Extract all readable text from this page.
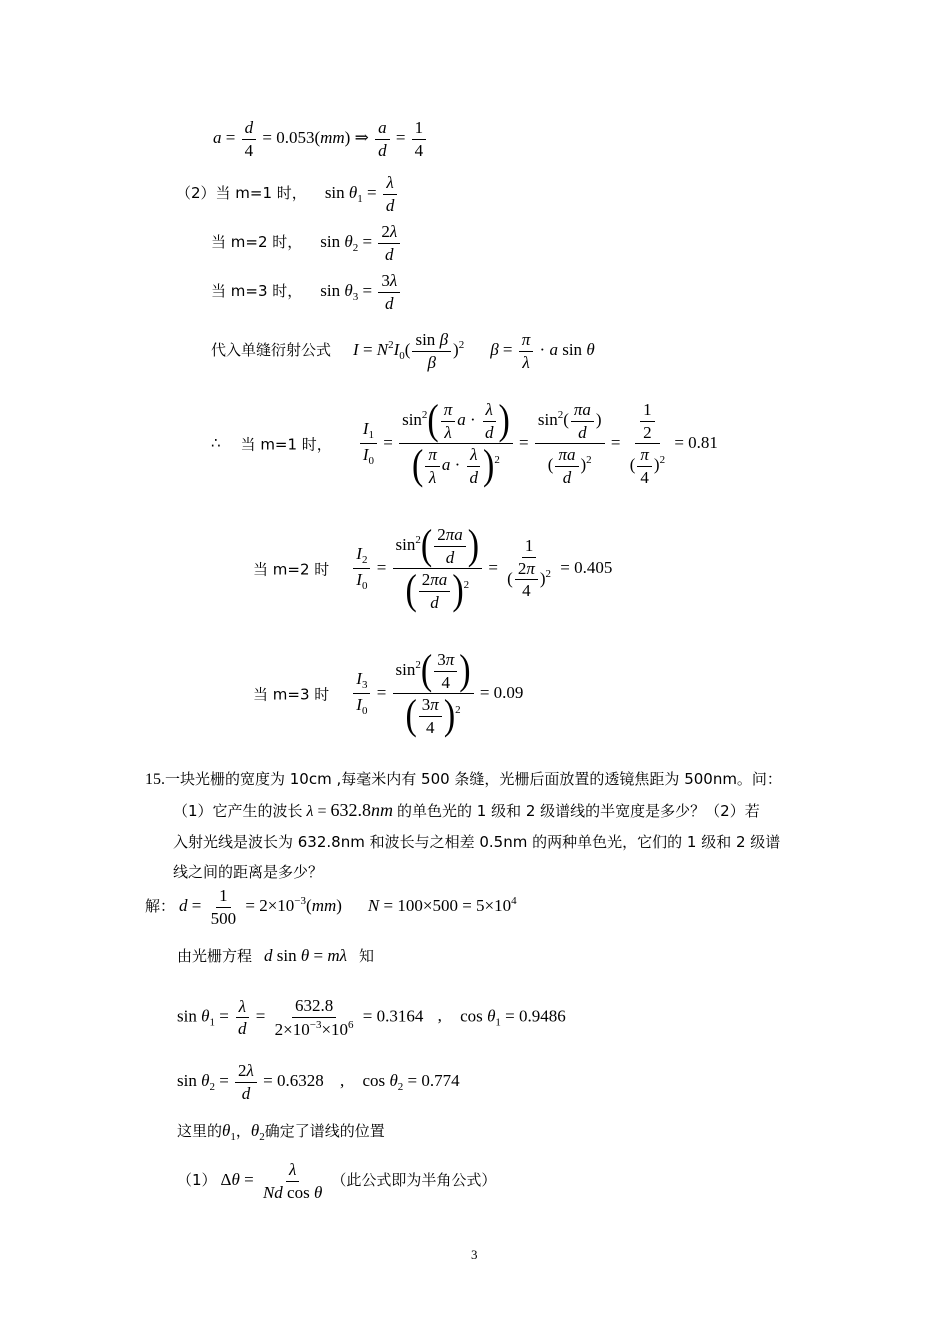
$a = \frac{d}{4} = 0.053(mm)$ ⇒ $\frac{a}{d} = \frac{1}{4}$
（2）当 m=1 时， $\sin \theta_1 = \frac{\lambda}{d}$
当 m=2 时， $\sin \theta_2 = \frac{2\lambda}{d}$
当 m=3 时， $\sin \theta_3 = \frac{3\lambda}{d}$
代入单缝衍射公式 $I = N^2I_0( \frac{\text{sin β}}{\beta} )^2$ $\beta = \frac{\pi}{\lambda} \cdot a$ sin θ
∴ 当 m=1 时， $\frac{I_1}{I_0} = \frac{\sin^2( \frac{\pi}{\lambda} a \cdot \frac{\lambda}{d} )}{( \frac{\pi}{\lambda} a \cdot \frac{\lambda}{d} )^2} = \frac{\sin^2( \frac{\pi a}{d} )}{( \frac{\pi a}{d} )^2} = \frac{\frac{1}{2}}{( \frac{\pi}{4} )^2} = 0.81$
当 m=2 时 $\frac{I_2}{I_0} = \frac{\sin^2( \frac{2\pi a}{d} )}{( \frac{2\pi a}{d} )^2} = \frac{1}{( \frac{2\pi}{4} )^2} = 0.405$
当 m=3 时 $\frac{I_3}{I_0} = \frac{\sin^2( \frac{3\pi}{4} )}{( \frac{3\pi}{4} )^2} = 0.09$
15.一块光栅的宽度为 10cm ,每毫米内有 500 条缝，光栅后面放置的透镜焦距为 500nm。问：
（1）它产生的波长 λ = 632.8nm 的单色光的 1 级和 2 级谱线的半宽度是多少？（2）若
入射光线是波长为 632.8nm 和波长与之相差 0.5nm 的两种单色光，它们的 1 级和 2 级谱
线之间的距离是多少？
解： $d = \frac{1}{500} = 2\times 10^{-3}(mm) N = 100\times 500 = 5\times 10^4$
由光栅方程 d sin θ = mλ 知
$\sin \theta_1 = \frac{\lambda}{d} = \frac{632.8}{2\times 10^{-3}\times 10^6} = 0.3164$ , $\cos \theta_1 = 0.9486$
$\sin \theta_2 = \frac{2\lambda}{d} = 0.6328$ , $\cos \theta_2 = 0.774$
这里的$\theta_1$，$\theta_2$确定了谱线的位置
（1） $\Delta\theta = \frac{\lambda}{\text{Nd cos θ}}$ （此公式即为半角公式）
3
